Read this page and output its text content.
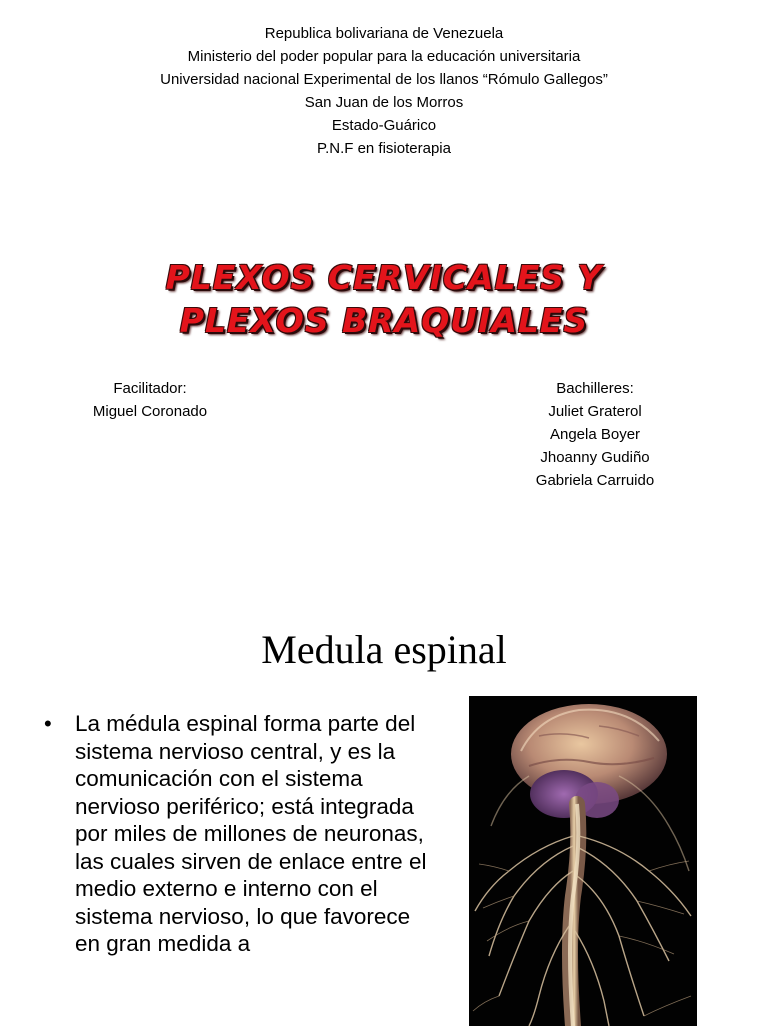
Republica bolivariana de Venezuela
Ministerio del poder popular para la educación universitaria
Universidad nacional Experimental de los llanos “Rómulo Gallegos”
San Juan de los Morros
Estado-Guárico
P.N.F en fisioterapia
PLEXOS CERVICALES Y
PLEXOS BRAQUIALES
Facilitador:
Miguel Coronado
Bachilleres:
Juliet Graterol
Angela Boyer
Jhoanny Gudiño
Gabriela Carruido
Medula espinal
• La médula espinal forma parte del sistema nervioso central, y es la comunicación con el sistema nervioso periférico; está integrada por miles de millones de neuronas, las cuales sirven de enlace entre el medio externo e interno con el sistema nervioso, lo que favorece en gran medida a
